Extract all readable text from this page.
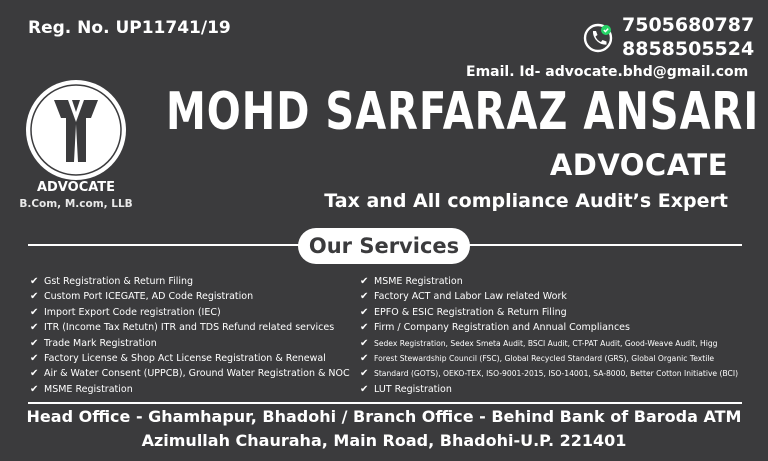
Reg. No. UP11741/19	7505680787
8858505524
Email. Id- advocate.bhd@gmail.com
ADVOCATE
B.Com, M.com, LLB
MOHD SARFARAZ ANSARI
ADVOCATE
Tax and All compliance Audit’s Expert
Our Services
✔ Gst Registration & Return Filing
✔ Custom Port ICEGATE, AD Code Registration
✔ Import Export Code registration (IEC)
✔ ITR (Income Tax Retutn) ITR and TDS Refund related services
✔ Trade Mark Registration
✔ Factory License & Shop Act License Registration & Renewal
✔ Air & Water Consent (UPPCB), Ground Water Registration & NOC
✔ MSME Registration
✔ MSME Registration
✔ Factory ACT and Labor Law related Work
✔ EPFO & ESIC Registration & Return Filing
✔ Firm / Company Registration and Annual Compliances
✔ Sedex Registration, Sedex Smeta Audit, BSCI Audit, CT-PAT Audit, Good-Weave Audit, Higg
✔ Forest Stewardship Council (FSC), Global Recycled Standard (GRS), Global Organic Textile
✔ Standard (GOTS), OEKO-TEX, ISO-9001-2015, ISO-14001, SA-8000, Better Cotton Initiative (BCI)
✔ LUT Registration
Head Office - Ghamhapur, Bhadohi / Branch Office - Behind Bank of Baroda ATM
Azimullah Chauraha, Main Road, Bhadohi-U.P. 221401
